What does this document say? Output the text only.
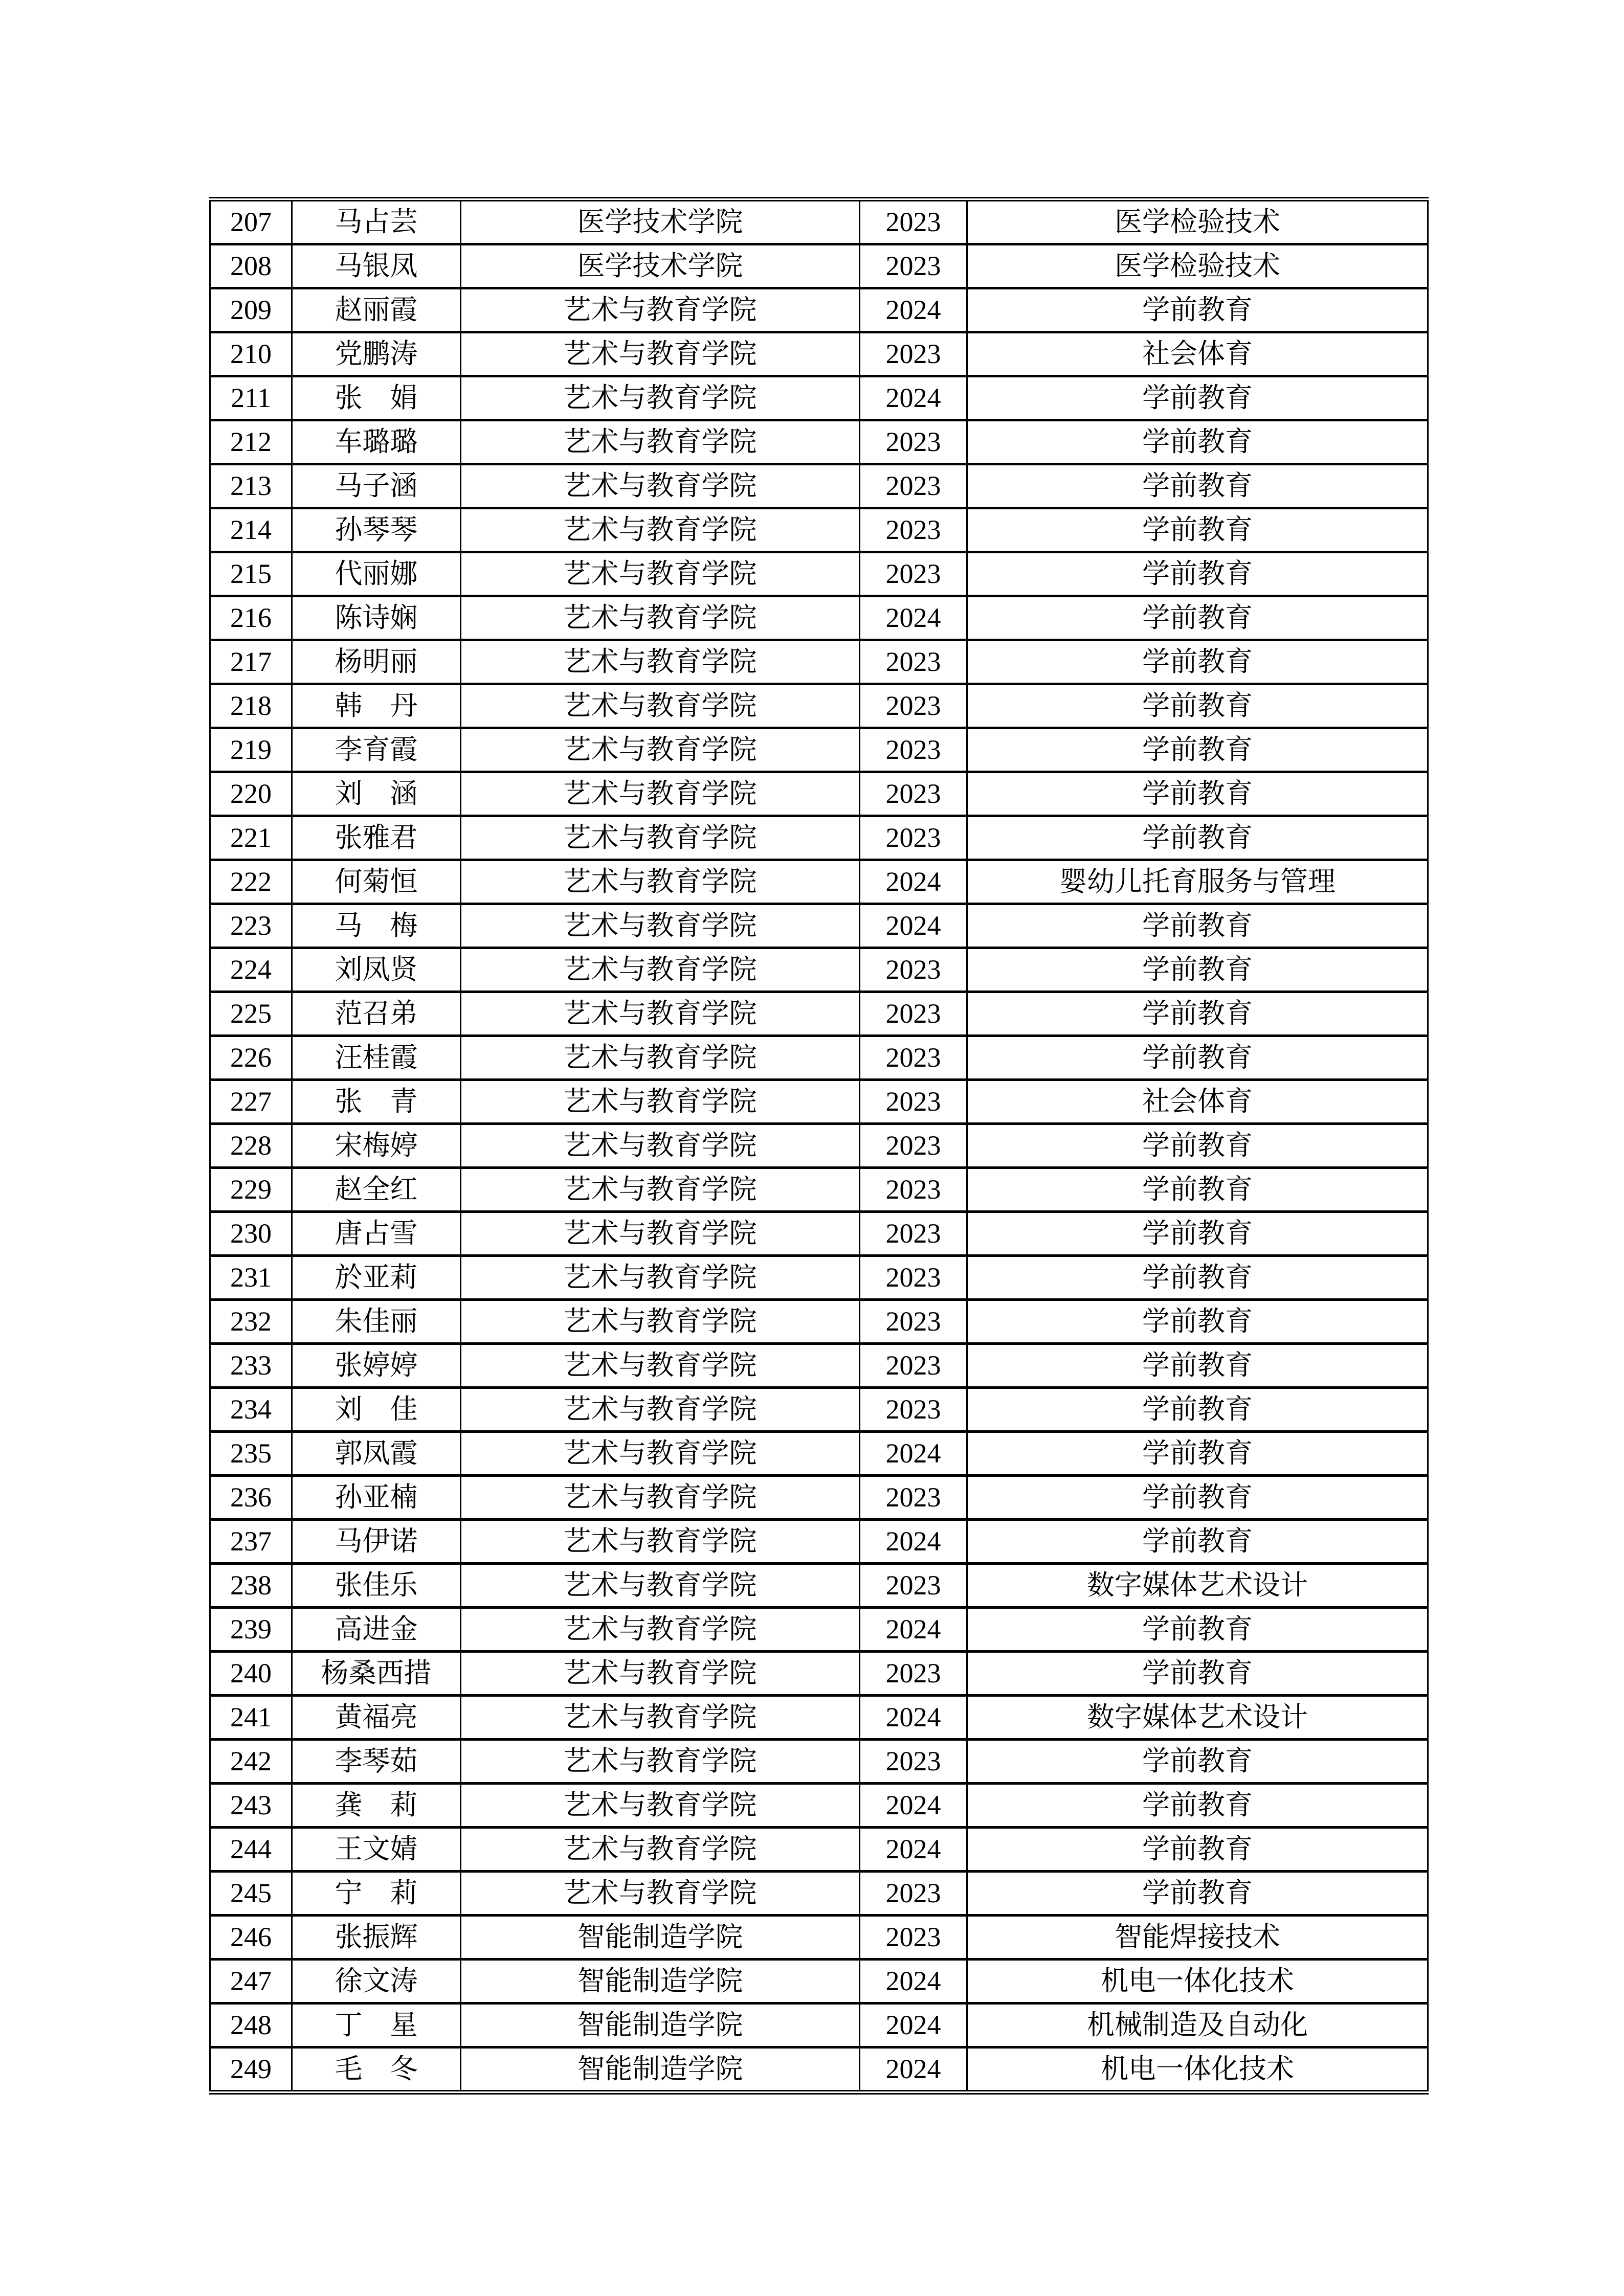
207	马占芸	医学技术学院	2023	医学检验技术
208	马银凤	医学技术学院	2023	医学检验技术
209	赵丽霞	艺术与教育学院	2024	学前教育
210	党鹏涛	艺术与教育学院	2023	社会体育
211	张　娟	艺术与教育学院	2024	学前教育
212	车璐璐	艺术与教育学院	2023	学前教育
213	马子涵	艺术与教育学院	2023	学前教育
214	孙琴琴	艺术与教育学院	2023	学前教育
215	代丽娜	艺术与教育学院	2023	学前教育
216	陈诗娴	艺术与教育学院	2024	学前教育
217	杨明丽	艺术与教育学院	2023	学前教育
218	韩　丹	艺术与教育学院	2023	学前教育
219	李育霞	艺术与教育学院	2023	学前教育
220	刘　涵	艺术与教育学院	2023	学前教育
221	张雅君	艺术与教育学院	2023	学前教育
222	何菊恒	艺术与教育学院	2024	婴幼儿托育服务与管理
223	马　梅	艺术与教育学院	2024	学前教育
224	刘凤贤	艺术与教育学院	2023	学前教育
225	范召弟	艺术与教育学院	2023	学前教育
226	汪桂霞	艺术与教育学院	2023	学前教育
227	张　青	艺术与教育学院	2023	社会体育
228	宋梅婷	艺术与教育学院	2023	学前教育
229	赵全红	艺术与教育学院	2023	学前教育
230	唐占雪	艺术与教育学院	2023	学前教育
231	於亚莉	艺术与教育学院	2023	学前教育
232	朱佳丽	艺术与教育学院	2023	学前教育
233	张婷婷	艺术与教育学院	2023	学前教育
234	刘　佳	艺术与教育学院	2023	学前教育
235	郭凤霞	艺术与教育学院	2024	学前教育
236	孙亚楠	艺术与教育学院	2023	学前教育
237	马伊诺	艺术与教育学院	2024	学前教育
238	张佳乐	艺术与教育学院	2023	数字媒体艺术设计
239	高进金	艺术与教育学院	2024	学前教育
240	杨桑西措	艺术与教育学院	2023	学前教育
241	黄福亮	艺术与教育学院	2024	数字媒体艺术设计
242	李琴茹	艺术与教育学院	2023	学前教育
243	龚　莉	艺术与教育学院	2024	学前教育
244	王文婧	艺术与教育学院	2024	学前教育
245	宁　莉	艺术与教育学院	2023	学前教育
246	张振辉	智能制造学院	2023	智能焊接技术
247	徐文涛	智能制造学院	2024	机电一体化技术
248	丁　星	智能制造学院	2024	机械制造及自动化
249	毛　冬	智能制造学院	2024	机电一体化技术
